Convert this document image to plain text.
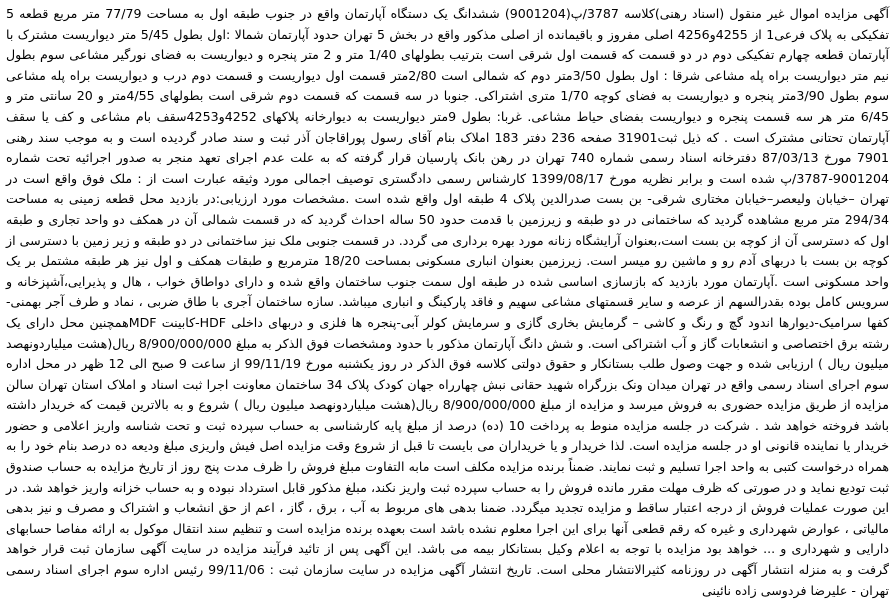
آگهی مزایده اموال غیر منقول (اسناد رهنی)کلاسه 3787/پ(9001204) ششدانگ یک دستگاه آپارتمان واقع در جنوب طبقه اول به مساحت 77/79 متر مربع قطعه 5 تفکیکی به پلاک فرعی1 از 4255و4256 اصلی مفروز و باقیمانده از اصلی مذکور واقع در بخش 5 تهران حدود آپارتمان شمالا :اول بطول 5/45 متر دیواریست مشترک با آپارتمان قطعه چهارم تفکیکی دوم در دو قسمت که قسمت اول شرقی است بترتیب بطولهای 1/40 متر و 2 متر پنجره و دیواریست به فضای نورگیر مشاعی سوم بطول نیم متر دیواریست براه پله مشاعی شرقا : اول بطول 3/50متر دوم که شمالی است 2/80متر قسمت اول دیواریست و قسمت دوم درب و دیواریست براه پله مشاعی سوم بطول 3/90متر پنجره و دیواریست به فضای کوچه 1/70 متری اشتراکی. جنوبا در سه قسمت که قسمت دوم شرقی است بطولهای 4/55متر و 20 سانتی متر و 6/45 متر هر سه قسمت پنجره و دیواریست بفضای حیاط مشاعی. غربا: بطول 9متر دیواریست به دیوارخانه پلاکهای 4252و4253سقف بام مشاعی و کف یا سقف آپارتمان تحتانی مشترک است . که ذیل ثبت31901 صفحه 236 دفتر 183 املاک بنام آقای رسول پوراقاجان آذر ثبت و سند صادر گردیده است و به موجب سند رهنی 7901 مورخ 87/03/13 دفترخانه اسناد رسمی شماره 740 تهران در رهن بانک پارسیان قرار گرفته که به علت عدم اجرای تعهد منجر به صدور اجرائیه تحت شماره 9001204-3787/پ شده است و برابر نظریه مورخ 1399/08/17 کارشناس رسمی دادگستری توصیف اجمالی مورد وثیقه عبارت است از : ملک فوق واقع است در تهران –خیابان ولیعصر–خیابان مختاری شرقی- بن بست صدرالدین پلاک 4 طبقه اول واقع شده است .مشخصات مورد ارزیابی:در بازدید محل قطعه زمینی به مساحت 294/34 متر مربع مشاهده گردید که ساختمانی در دو طبقه و زیرزمین با قدمت حدود 50 ساله احداث گردید که در قسمت شمالی آن در همکف دو واحد تجاری و طبقه اول که دسترسی آن از کوچه بن بست است،بعنوان آرایشگاه زنانه مورد بهره برداری می گردد. در قسمت جنوبی ملک نیز ساختمانی در دو طبقه و زیر زمین با دسترسی از کوچه بن بست با دربهای آدم رو و ماشین رو میسر است. زیرزمین بعنوان انباری مسکونی بمساحت 18/20 مترمربع و طبقات همکف و اول نیز هر طبقه مشتمل بر یک واحد مسکونی است .آپارتمان مورد بازدید که بازسازی اساسی شده در طبقه اول سمت جنوب ساختمان واقع شده و دارای دواطاق خواب ، هال و پذیرایی،آشپزخانه و سرویس کامل بوده بقدرالسهم از عرصه و سایر قسمتهای مشاعی سهیم و فاقد پارکینگ و انباری میباشد. سازه ساختمان آجری با طاق ضربی ، نماد و طرف آجر بهمنی-کفها سرامیک-دیوارها اندود گچ و رنگ و کاشی – گرمایش بخاری گازی و سرمایش کولر آبی-پنجره ها فلزی و دربهای داخلی HDF-کابینت MDFهمچنین محل دارای یک رشته برق اختصاصی و انشعابات گاز و آب اشتراکی است. و شش دانگ آپارتمان مذکور با حدود ومشخصات فوق الذکر به مبلغ 8/900/000/000 ریال(هشت میلیاردونهصد میلیون ریال ) ارزیابی شده و جهت وصول طلب بستانکار و حقوق دولتی کلاسه فوق الذکر در روز یکشنبه مورخ 99/11/19 از ساعت 9 صبح الی 12 ظهر در محل اداره سوم اجرای اسناد رسمی واقع در تهران میدان ونک بزرگراه شهید حقانی نبش چهارراه جهان کودک پلاک 34 ساختمان معاونت اجرا ثبت اسناد و املاک استان تهران سالن مزایده از طریق مزایده حضوری به فروش میرسد و مزایده از مبلغ 8/900/000/000 ریال(هشت میلیاردونهصد میلیون ریال ) شروع و به بالاترین قیمت که خریدار داشته باشد فروخته خواهد شد . شرکت در جلسه مزایده منوط به پرداخت 10 (ده) درصد از مبلغ پایه کارشناسی به حساب سپرده ثبت و تحت شناسه واریز اعلامی و حضور خریدار یا نماینده قانونی او در جلسه مزایده است. لذا خریدار و یا خریداران می بایست تا قبل از شروع وقت مزایده اصل فیش واریزی مبلغ ودیعه ده درصد بنام خود را به همراه درخواست کتبی به واحد اجرا تسلیم و ثبت نمایند. ضمناً برنده مزایده مکلف است مابه التفاوت مبلغ فروش را ظرف مدت پنج روز از تاریخ مزایده به حساب صندوق ثبت تودیع نماید و در صورتی که ظرف مهلت مقرر مانده فروش را به حساب سپرده ثبت واریز نکند، مبلغ مذکور قابل استرداد نبوده و به حساب خزانه واریز خواهد شد. در این صورت عملیات فروش از درجه اعتبار ساقط و مزایده تجدید میگردد. ضمنا بدهی های مربوط به آب ، برق ، گاز ، اعم از حق انشعاب و اشتراک و مصرف و نیز بدهی مالیاتی ، عوارض شهرداری و غیره که رقم قطعی آنها برای این اجرا معلوم نشده باشد است بعهده برنده مزایده است و تنظیم سند انتقال موکول به ارائه مفاصا حسابهای دارایی و شهرداری و ... خواهد بود مزایده با توجه به اعلام وکیل بستانکار بیمه می باشد. این آگهی پس از تائید فرآیند مزایده در سایت آگهی سازمان ثبت قرار خواهد گرفت و به منزله انتشار آگهی در روزنامه کثیرالانتشار محلی است. تاریخ انتشار آگهی مزایده در سایت سازمان ثبت : 99/11/06 رئیس اداره سوم اجرای اسناد رسمی تهران - علیرضا فردوسی زاده نائینی
